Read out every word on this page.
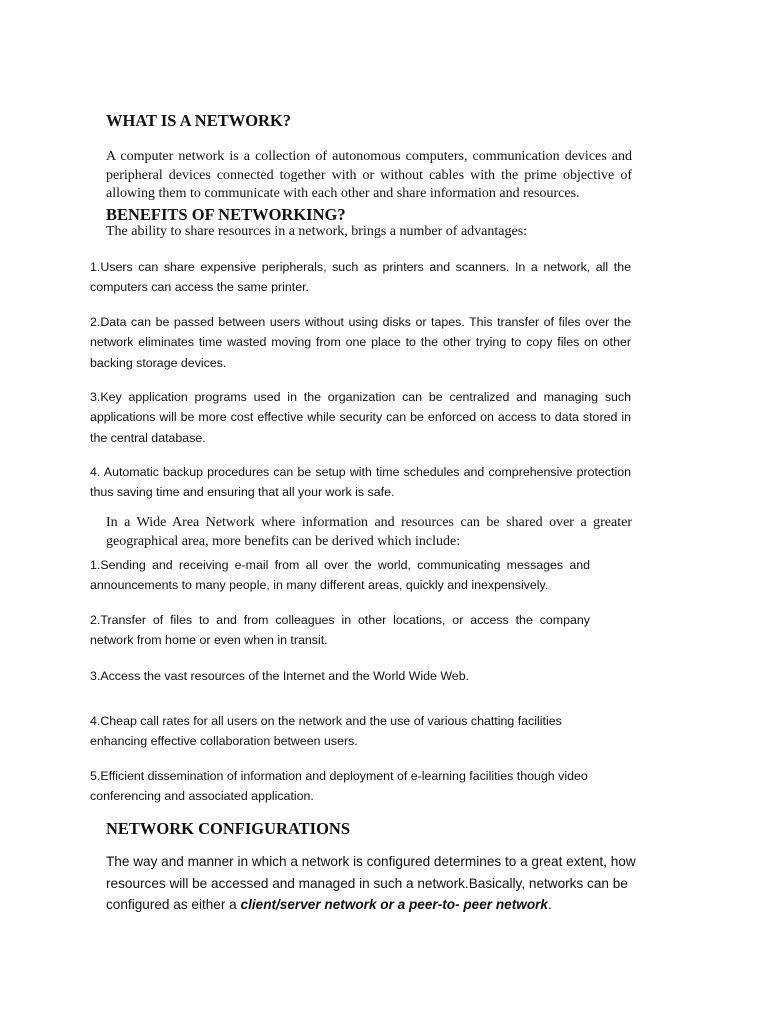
WHAT IS A NETWORK?

A computer network is a collection of autonomous computers, communication devices and peripheral devices connected together with or without cables with the prime objective of allowing them to communicate with each other and share information and resources.

BENEFITS OF NETWORKING?

The ability to share resources in a network, brings a number of advantages:

1.Users can share expensive peripherals, such as printers and scanners. In a network, all the computers can access the same printer.

2.Data can be passed between users without using disks or tapes. This transfer of files over the network eliminates time wasted moving from one place to the other trying to copy files on other backing storage devices.

3.Key application programs used in the organization can be centralized and managing such applications will be more cost effective while security can be enforced on access to data stored in the central database.

4. Automatic backup procedures can be setup with time schedules and comprehensive protection thus saving time and ensuring that all your work is safe.

In a Wide Area Network where information and resources can be shared over a greater geographical area, more benefits can be derived which include:

1.Sending and receiving e-mail from all over the world, communicating messages and announcements to many people, in many different areas, quickly and inexpensively.

2.Transfer of files to and from colleagues in other locations, or access the company network from home or even when in transit.

3.Access the vast resources of the Internet and the World Wide Web.

4.Cheap call rates for all users on the network and the use of various chatting facilities enhancing effective collaboration between users.

5.Efficient dissemination of information and deployment of e-learning facilities though video conferencing and associated application.

NETWORK CONFIGURATIONS

The way and manner in which a network is configured determines to a great extent, how resources will be accessed and managed in such a network.Basically, networks can be configured as either a client/server network or a peer-to- peer network.
